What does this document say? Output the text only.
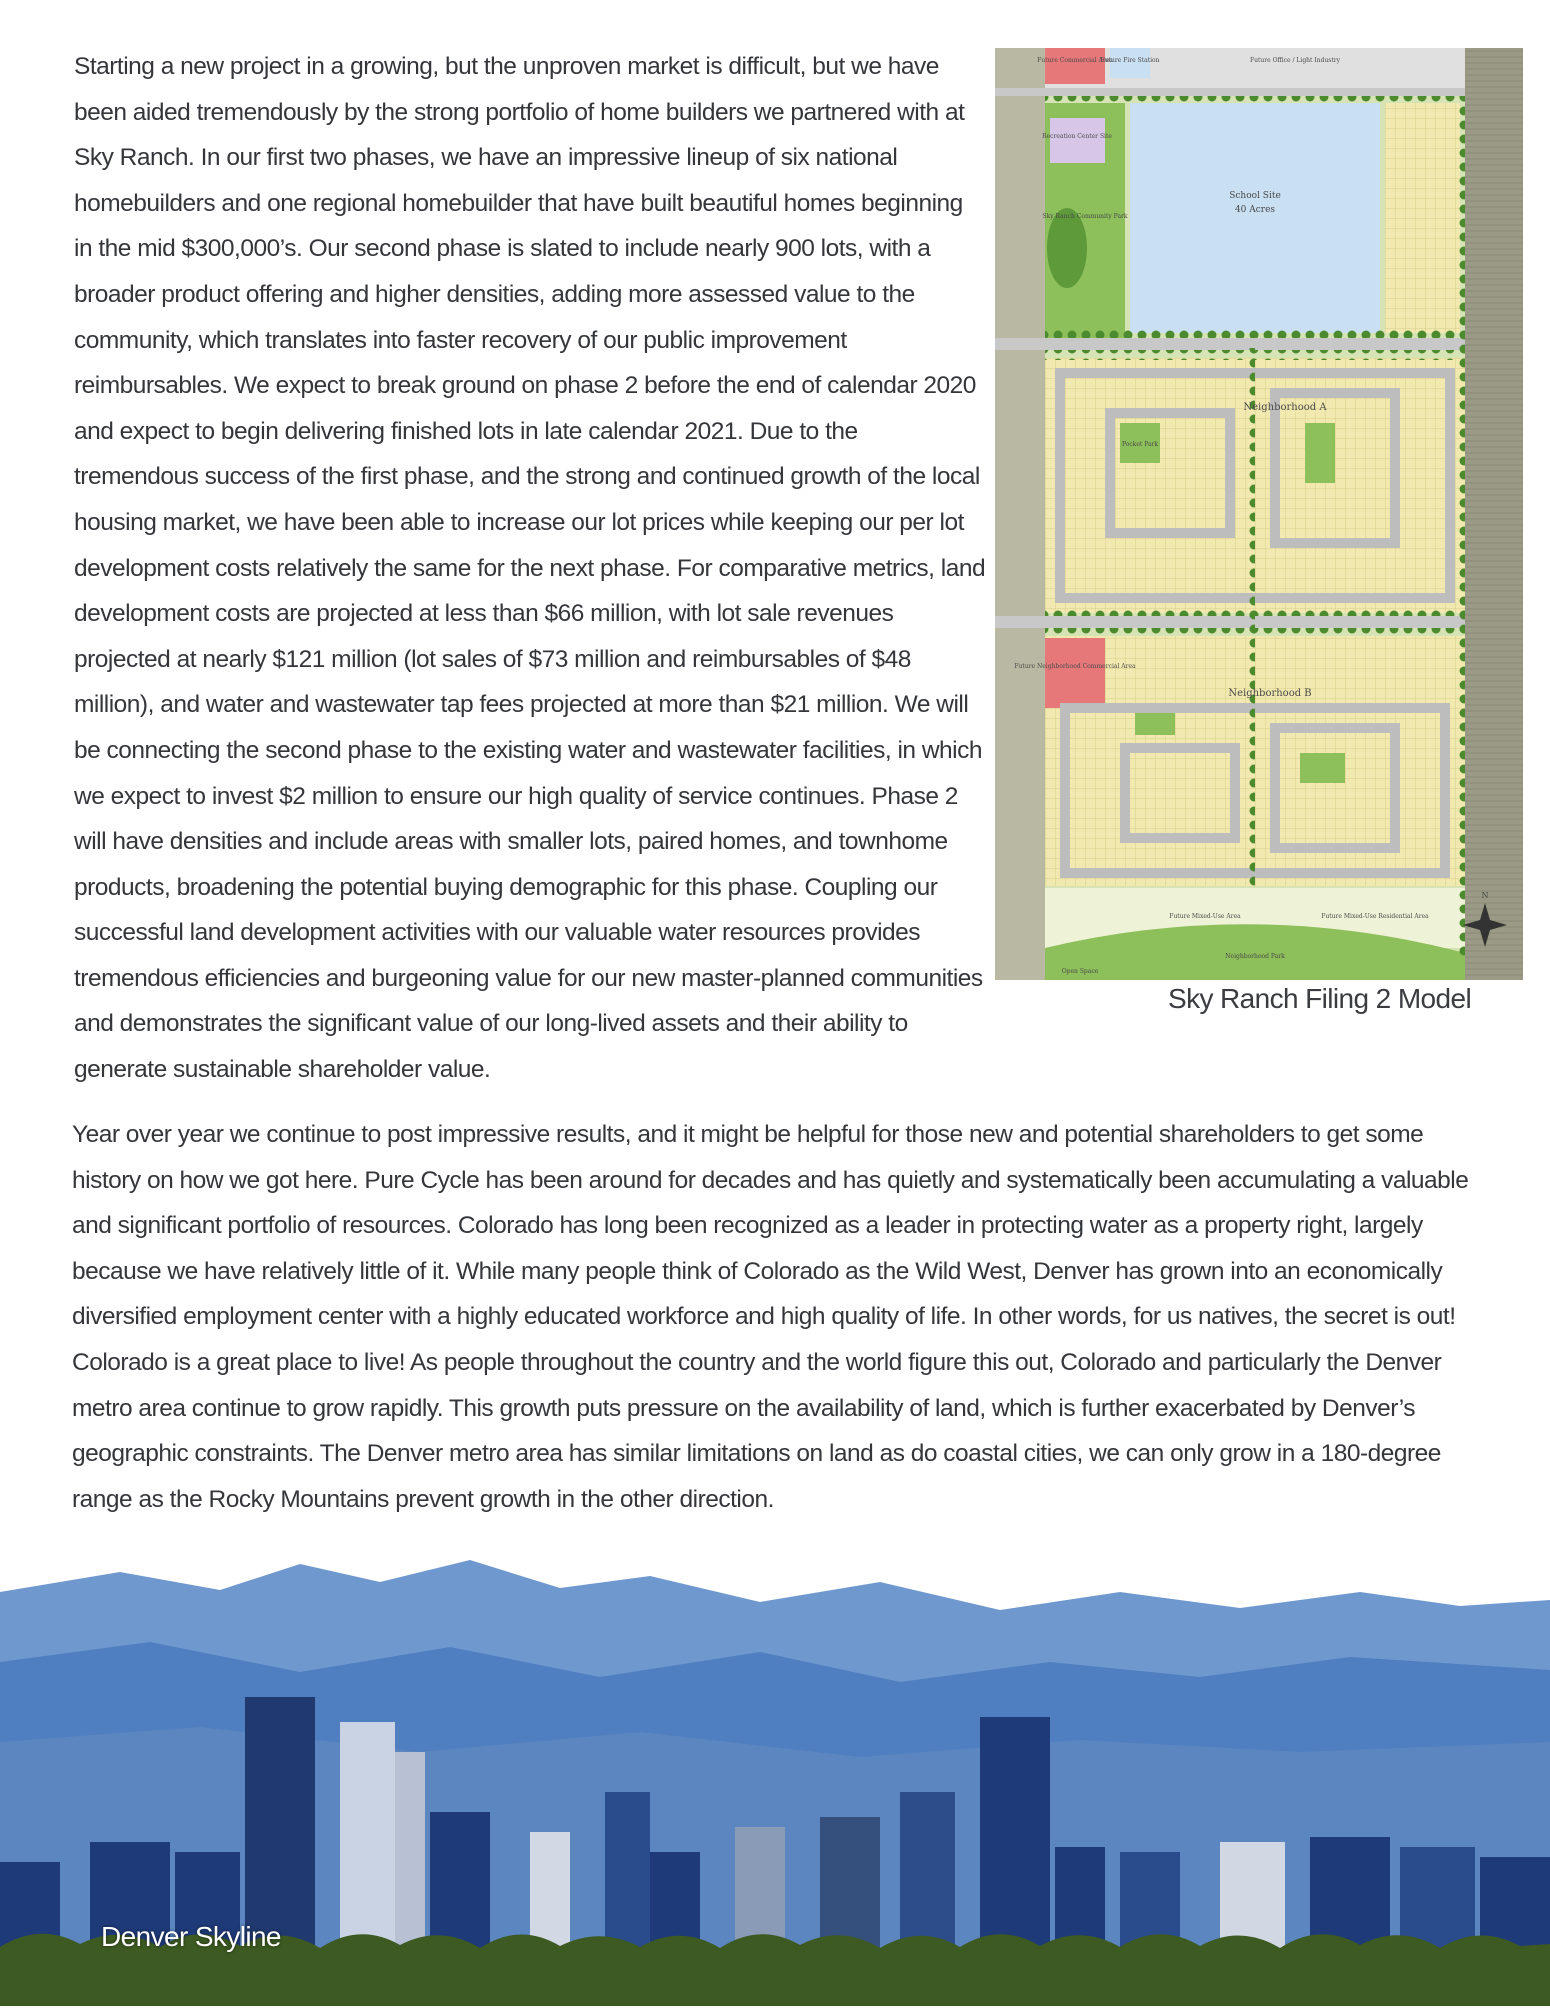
Starting a new project in a growing, but the unproven market is difficult, but we have been aided tremendously by the strong portfolio of home builders we partnered with at Sky Ranch. In our first two phases, we have an impressive lineup of six national homebuilders and one regional homebuilder that have built beautiful homes beginning in the mid $300,000’s. Our second phase is slated to include nearly 900 lots, with a broader product offering and higher densities, adding more assessed value to the community, which translates into faster recovery of our public improvement reimbursables. We expect to break ground on phase 2 before the end of calendar 2020 and expect to begin delivering finished lots in late calendar 2021. Due to the tremendous success of the first phase, and the strong and continued growth of the local housing market, we have been able to increase our lot prices while keeping our per lot development costs relatively the same for the next phase. For comparative metrics, land development costs are projected at less than $66 million, with lot sale revenues projected at nearly $121 million (lot sales of $73 million and reimbursables of $48 million), and water and wastewater tap fees projected at more than $21 million. We will be connecting the second phase to the existing water and wastewater facilities, in which we expect to invest $2 million to ensure our high quality of service continues. Phase 2 will have densities and include areas with smaller lots, paired homes, and townhome products, broadening the potential buying demographic for this phase. Coupling our successful land development activities with our valuable water resources provides tremendous efficiencies and burgeoning value for our new master-planned communities and demonstrates the significant value of our long-lived assets and their ability to generate sustainable shareholder value.

N
Future Commercial Area
Future Fire Station	Future Office / Light Industry
Recreation Center Site
Sky Ranch Community Park
School Site
40 Acres
Pocket Park
Neighborhood A
Neighborhood B
Future Neighborhood Commercial Area
Future Mixed-Use Area	Future Mixed-Use Residential Area
Neighborhood Park
Open Space
Sky Ranch Filing 2 Model

Year over year we continue to post impressive results, and it might be helpful for those new and potential shareholders to get some history on how we got here. Pure Cycle has been around for decades and has quietly and systematically been accumulating a valuable and significant portfolio of resources. Colorado has long been recognized as a leader in protecting water as a property right, largely because we have relatively little of it. While many people think of Colorado as the Wild West, Denver has grown into an economically diversified employment center with a highly educated workforce and high quality of life. In other words, for us natives, the secret is out! Colorado is a great place to live! As people throughout the country and the world figure this out, Colorado and particularly the Denver metro area continue to grow rapidly. This growth puts pressure on the availability of land, which is further exacerbated by Denver’s geographic constraints. The Denver metro area has similar limitations on land as do coastal cities, we can only grow in a 180-degree range as the Rocky Mountains prevent growth in the other direction.

Denver Skyline
